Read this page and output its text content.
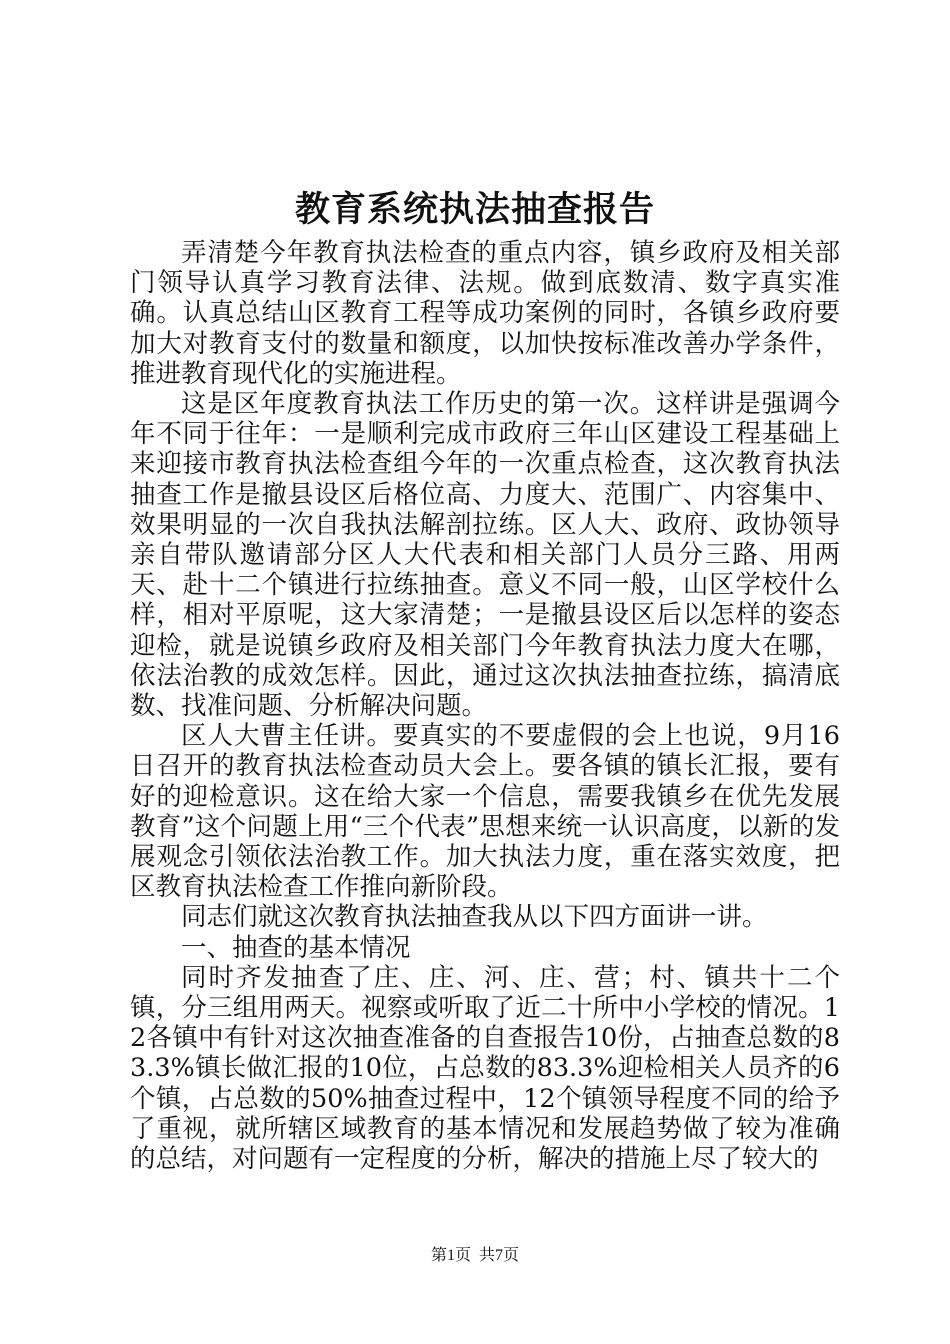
教育系统执法抽查报告

弄清楚今年教育执法检查的重点内容，镇乡政府及相关部门领导认真学习教育法律、法规。做到底数清、数字真实准确。认真总结山区教育工程等成功案例的同时，各镇乡政府要加大对教育支付的数量和额度，以加快按标准改善办学条件，推进教育现代化的实施进程。

这是区年度教育执法工作历史的第一次。这样讲是强调今年不同于往年：一是顺利完成市政府三年山区建设工程基础上来迎接市教育执法检查组今年的一次重点检查，这次教育执法抽查工作是撤县设区后格位高、力度大、范围广、内容集中、效果明显的一次自我执法解剖拉练。区人大、政府、政协领导亲自带队邀请部分区人大代表和相关部门人员分三路、用两天、赴十二个镇进行拉练抽查。意义不同一般，山区学校什么样，相对平原呢，这大家清楚；一是撤县设区后以怎样的姿态迎检，就是说镇乡政府及相关部门今年教育执法力度大在哪，依法治教的成效怎样。因此，通过这次执法抽查拉练，搞清底数、找准问题、分析解决问题。

区人大曹主任讲。要真实的不要虚假的会上也说，9月16日召开的教育执法检查动员大会上。要各镇的镇长汇报，要有好的迎检意识。这在给大家一个信息，需要我镇乡在优先发展教育”这个问题上用“三个代表”思想来统一认识高度，以新的发展观念引领依法治教工作。加大执法力度，重在落实效度，把区教育执法检查工作推向新阶段。

同志们就这次教育执法抽查我从以下四方面讲一讲。

一、抽查的基本情况

同时齐发抽查了庄、庄、河、庄、营；村、镇共十二个镇，分三组用两天。视察或听取了近二十所中小学校的情况。12各镇中有针对这次抽查准备的自查报告10份，占抽查总数的83.3%镇长做汇报的10位，占总数的83.3%迎检相关人员齐的6个镇，占总数的50%抽查过程中，12个镇领导程度不同的给予了重视，就所辖区域教育的基本情况和发展趋势做了较为准确的总结，对问题有一定程度的分析，解决的措施上尽了较大的

第1页 共7页
